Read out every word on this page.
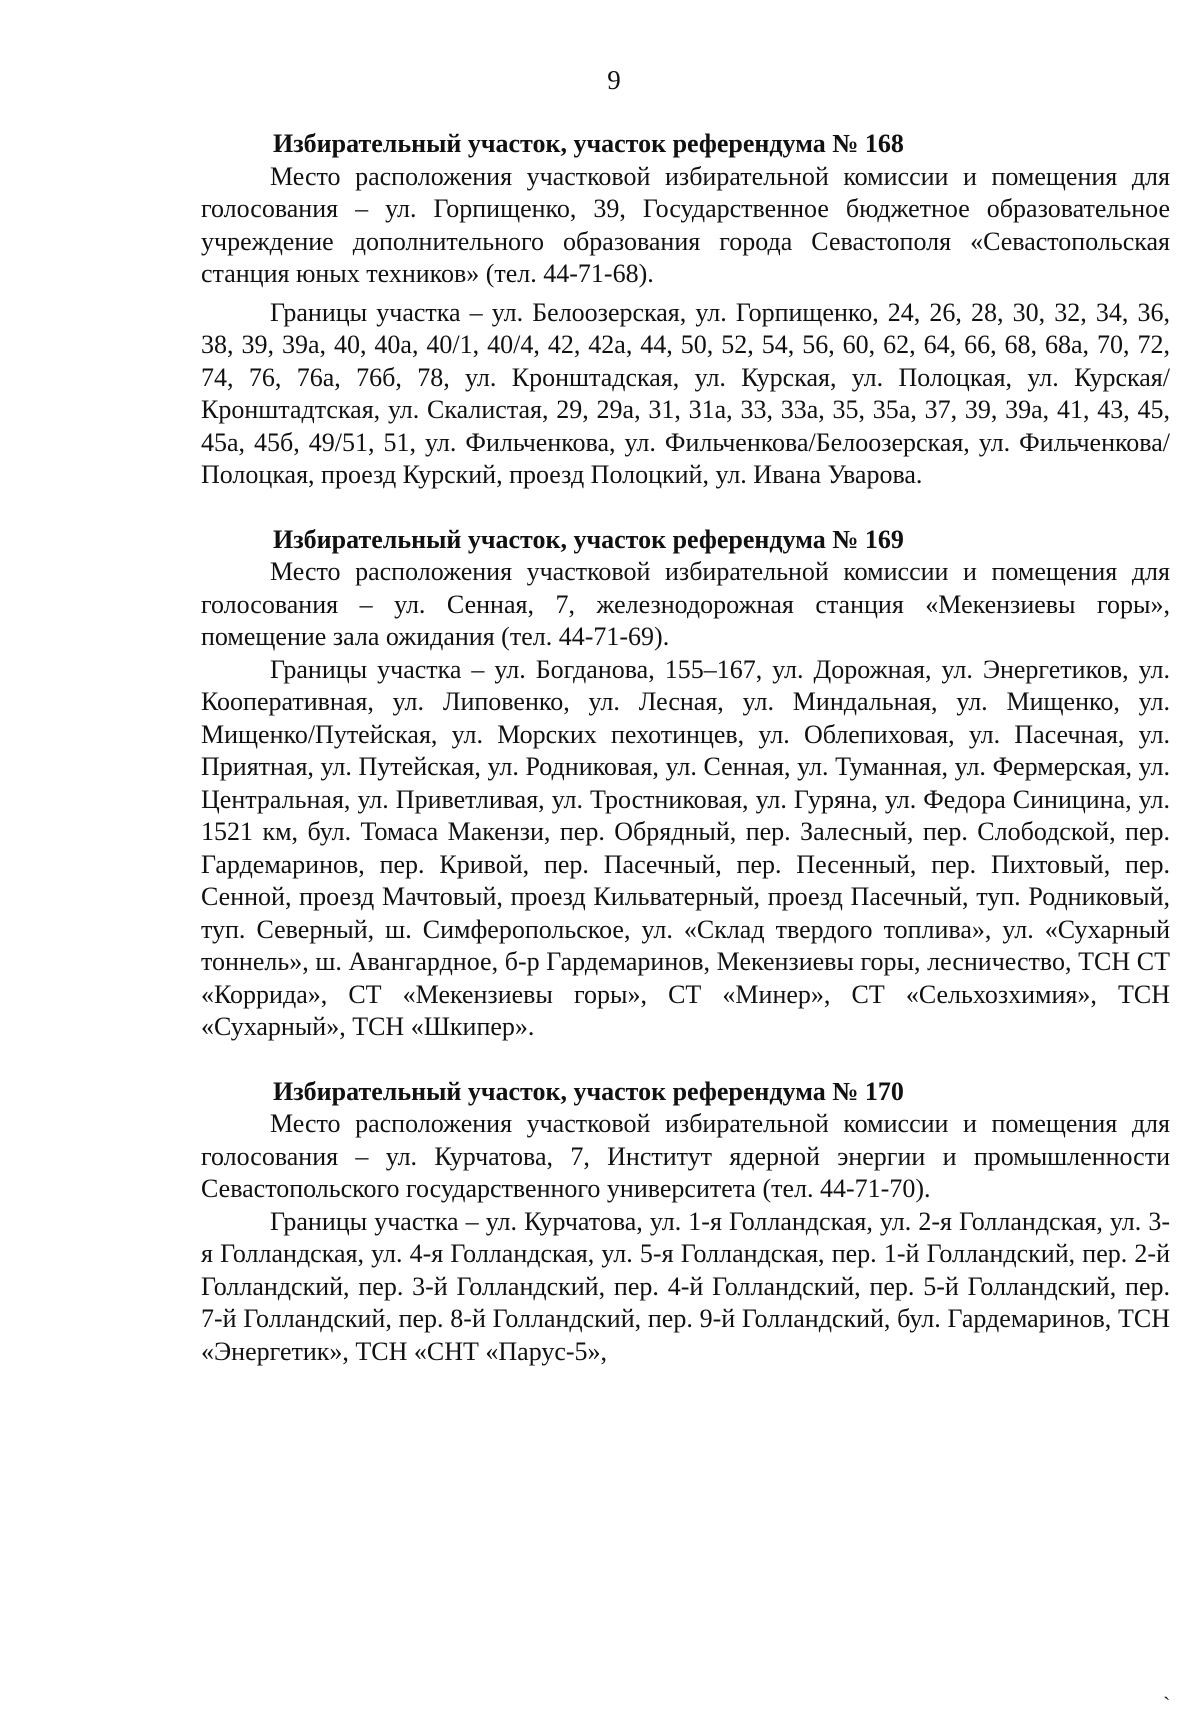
9

Избирательный участок, участок референдума № 168

Место расположения участковой избирательной комиссии и помещения для голосования – ул. Горпищенко, 39, Государственное бюджетное образовательное учреждение дополнительного образования города Севастополя «Севастопольская станция юных техников» (тел. 44-71-68).

Границы участка – ул. Белоозерская, ул. Горпищенко, 24, 26, 28, 30, 32, 34, 36, 38, 39, 39а, 40, 40а, 40/1, 40/4, 42, 42а, 44, 50, 52, 54, 56, 60, 62, 64, 66, 68, 68а, 70, 72, 74, 76, 76а, 76б, 78, ул. Кронштадская, ул. Курская, ул. Полоцкая, ул. Курская/Кронштадтская, ул. Скалистая, 29, 29а, 31, 31а, 33, 33а, 35, 35а, 37, 39, 39а, 41, 43, 45, 45а, 45б, 49/51, 51, ул. Фильченкова, ул. Фильченкова/Белоозерская, ул. Фильченкова/Полоцкая, проезд Курский, проезд Полоцкий, ул. Ивана Уварова.

Избирательный участок, участок референдума № 169

Место расположения участковой избирательной комиссии и помещения для голосования – ул. Сенная, 7, железнодорожная станция «Мекензиевы горы», помещение зала ожидания (тел. 44-71-69).

Границы участка – ул. Богданова, 155–167, ул. Дорожная, ул. Энергетиков, ул. Кооперативная, ул. Липовенко, ул. Лесная, ул. Миндальная, ул. Мищенко, ул. Мищенко/Путейская, ул. Морских пехотинцев, ул. Облепиховая, ул. Пасечная, ул. Приятная, ул. Путейская, ул. Родниковая, ул. Сенная, ул. Туманная, ул. Фермерская, ул. Центральная, ул. Приветливая, ул. Тростниковая, ул. Гуряна, ул. Федора Синицина, ул. 1521 км, бул. Томаса Макензи, пер. Обрядный, пер. Залесный, пер. Слободской, пер. Гардемаринов, пер. Кривой, пер. Пасечный, пер. Песенный, пер. Пихтовый, пер. Сенной, проезд Мачтовый, проезд Кильватерный, проезд Пасечный, туп. Родниковый, туп. Северный, ш. Симферопольское, ул. «Склад твердого топлива», ул. «Сухарный тоннель», ш. Авангардное, б-р Гардемаринов, Мекензиевы горы, лесничество, ТСН СТ «Коррида», СТ «Мекензиевы горы», СТ «Минер», СТ «Сельхозхимия», ТСН «Сухарный», ТСН «Шкипер».

Избирательный участок, участок референдума № 170

Место расположения участковой избирательной комиссии и помещения для голосования – ул. Курчатова, 7, Институт ядерной энергии и промышленности Севастопольского государственного университета (тел. 44-71-70).

Границы участка – ул. Курчатова, ул. 1-я Голландская, ул. 2-я Голландская, ул. 3-я Голландская, ул. 4-я Голландская, ул. 5-я Голландская, пер. 1-й Голландский, пер. 2-й Голландский, пер. 3-й Голландский, пер. 4-й Голландский, пер. 5-й Голландский, пер. 7-й Голландский, пер. 8-й Голландский, пер. 9-й Голландский, бул. Гардемаринов, ТСН «Энергетик», ТСН «СНТ «Парус-5»,

`
